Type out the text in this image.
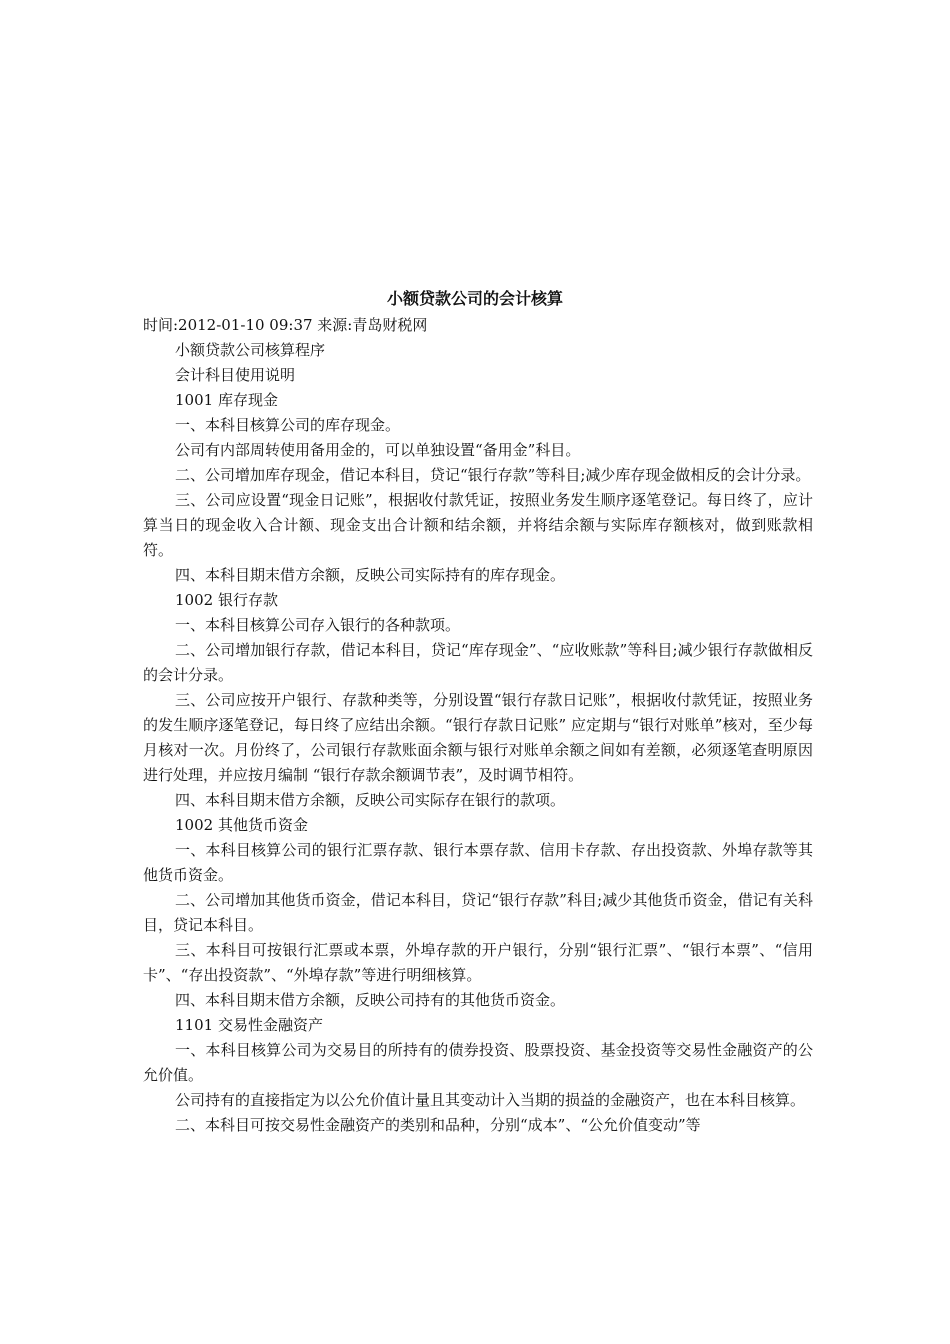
小额贷款公司的会计核算

时间:2012-01-10 09:37 来源:青岛财税网

小额贷款公司核算程序

会计科目使用说明

1001 库存现金

一、本科目核算公司的库存现金。

公司有内部周转使用备用金的，可以单独设置“备用金”科目。

二、公司增加库存现金，借记本科目，贷记“银行存款”等科目;减少库存现金做相反的会计分录。

三、公司应设置“现金日记账”，根据收付款凭证，按照业务发生顺序逐笔登记。每日终了，应计算当日的现金收入合计额、现金支出合计额和结余额，并将结余额与实际库存额核对，做到账款相符。

四、本科目期末借方余额，反映公司实际持有的库存现金。

1002 银行存款

一、本科目核算公司存入银行的各种款项。

二、公司增加银行存款，借记本科目，贷记“库存现金”、“应收账款”等科目;减少银行存款做相反的会计分录。

三、公司应按开户银行、存款种类等，分别设置“银行存款日记账”，根据收付款凭证，按照业务的发生顺序逐笔登记，每日终了应结出余额。“银行存款日记账” 应定期与“银行对账单”核对，至少每月核对一次。月份终了，公司银行存款账面余额与银行对账单余额之间如有差额，必须逐笔查明原因进行处理，并应按月编制 “银行存款余额调节表”，及时调节相符。

四、本科目期末借方余额，反映公司实际存在银行的款项。

1002 其他货币资金

一、本科目核算公司的银行汇票存款、银行本票存款、信用卡存款、存出投资款、外埠存款等其他货币资金。

二、公司增加其他货币资金，借记本科目，贷记“银行存款”科目;减少其他货币资金，借记有关科目，贷记本科目。

三、本科目可按银行汇票或本票，外埠存款的开户银行，分别“银行汇票”、“银行本票”、“信用卡”、“存出投资款”、“外埠存款”等进行明细核算。

四、本科目期末借方余额，反映公司持有的其他货币资金。

1101 交易性金融资产

一、本科目核算公司为交易目的所持有的债券投资、股票投资、基金投资等交易性金融资产的公允价值。

公司持有的直接指定为以公允价值计量且其变动计入当期的损益的金融资产，也在本科目核算。

二、本科目可按交易性金融资产的类别和品种，分别“成本”、“公允价值变动”等
